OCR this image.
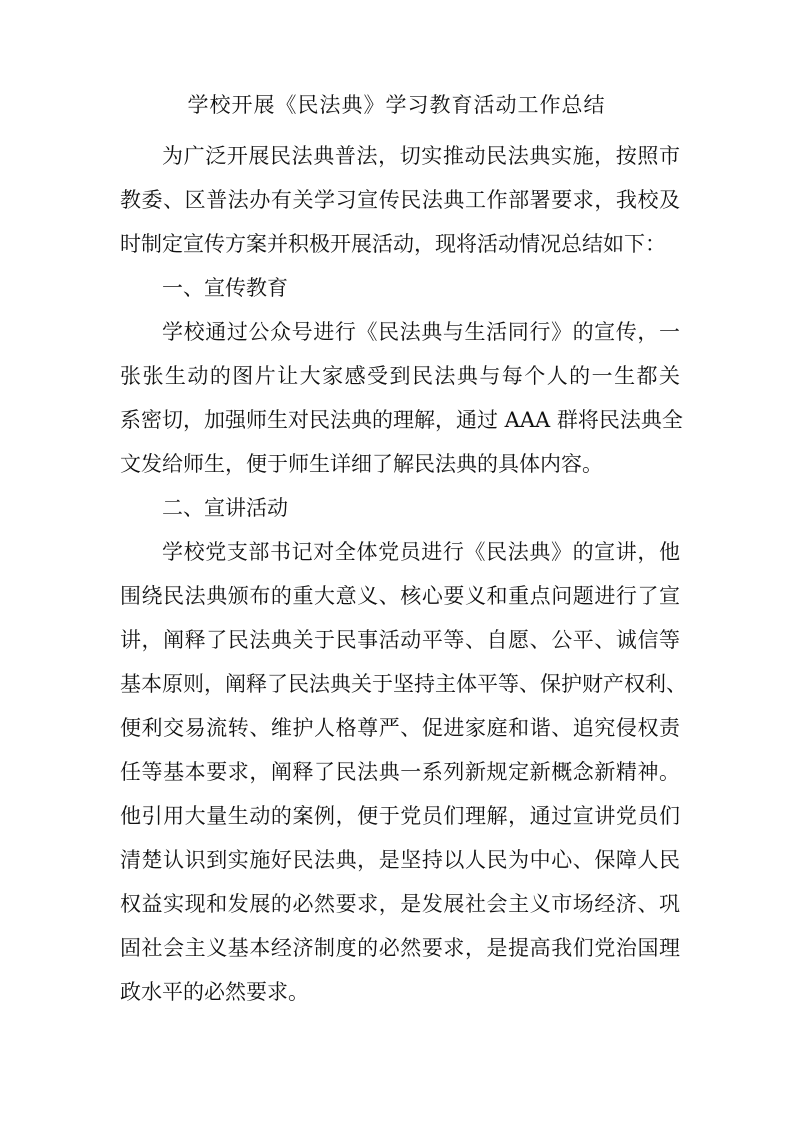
学校开展《民法典》学习教育活动工作总结
为广泛开展民法典普法，切实推动民法典实施，按照市
教委、区普法办有关学习宣传民法典工作部署要求，我校及
时制定宣传方案并积极开展活动，现将活动情况总结如下：
一、宣传教育
学校通过公众号进行《民法典与生活同行》的宣传，一
张张生动的图片让大家感受到民法典与每个人的一生都关
系密切，加强师生对民法典的理解，通过 AAA 群将民法典全
文发给师生，便于师生详细了解民法典的具体内容。
二、宣讲活动
学校党支部书记对全体党员进行《民法典》的宣讲，他
围绕民法典颁布的重大意义、核心要义和重点问题进行了宣
讲，阐释了民法典关于民事活动平等、自愿、公平、诚信等
基本原则，阐释了民法典关于坚持主体平等、保护财产权利、
便利交易流转、维护人格尊严、促进家庭和谐、追究侵权责
任等基本要求，阐释了民法典一系列新规定新概念新精神。
他引用大量生动的案例，便于党员们理解，通过宣讲党员们
清楚认识到实施好民法典，是坚持以人民为中心、保障人民
权益实现和发展的必然要求，是发展社会主义市场经济、巩
固社会主义基本经济制度的必然要求，是提高我们党治国理
政水平的必然要求。
